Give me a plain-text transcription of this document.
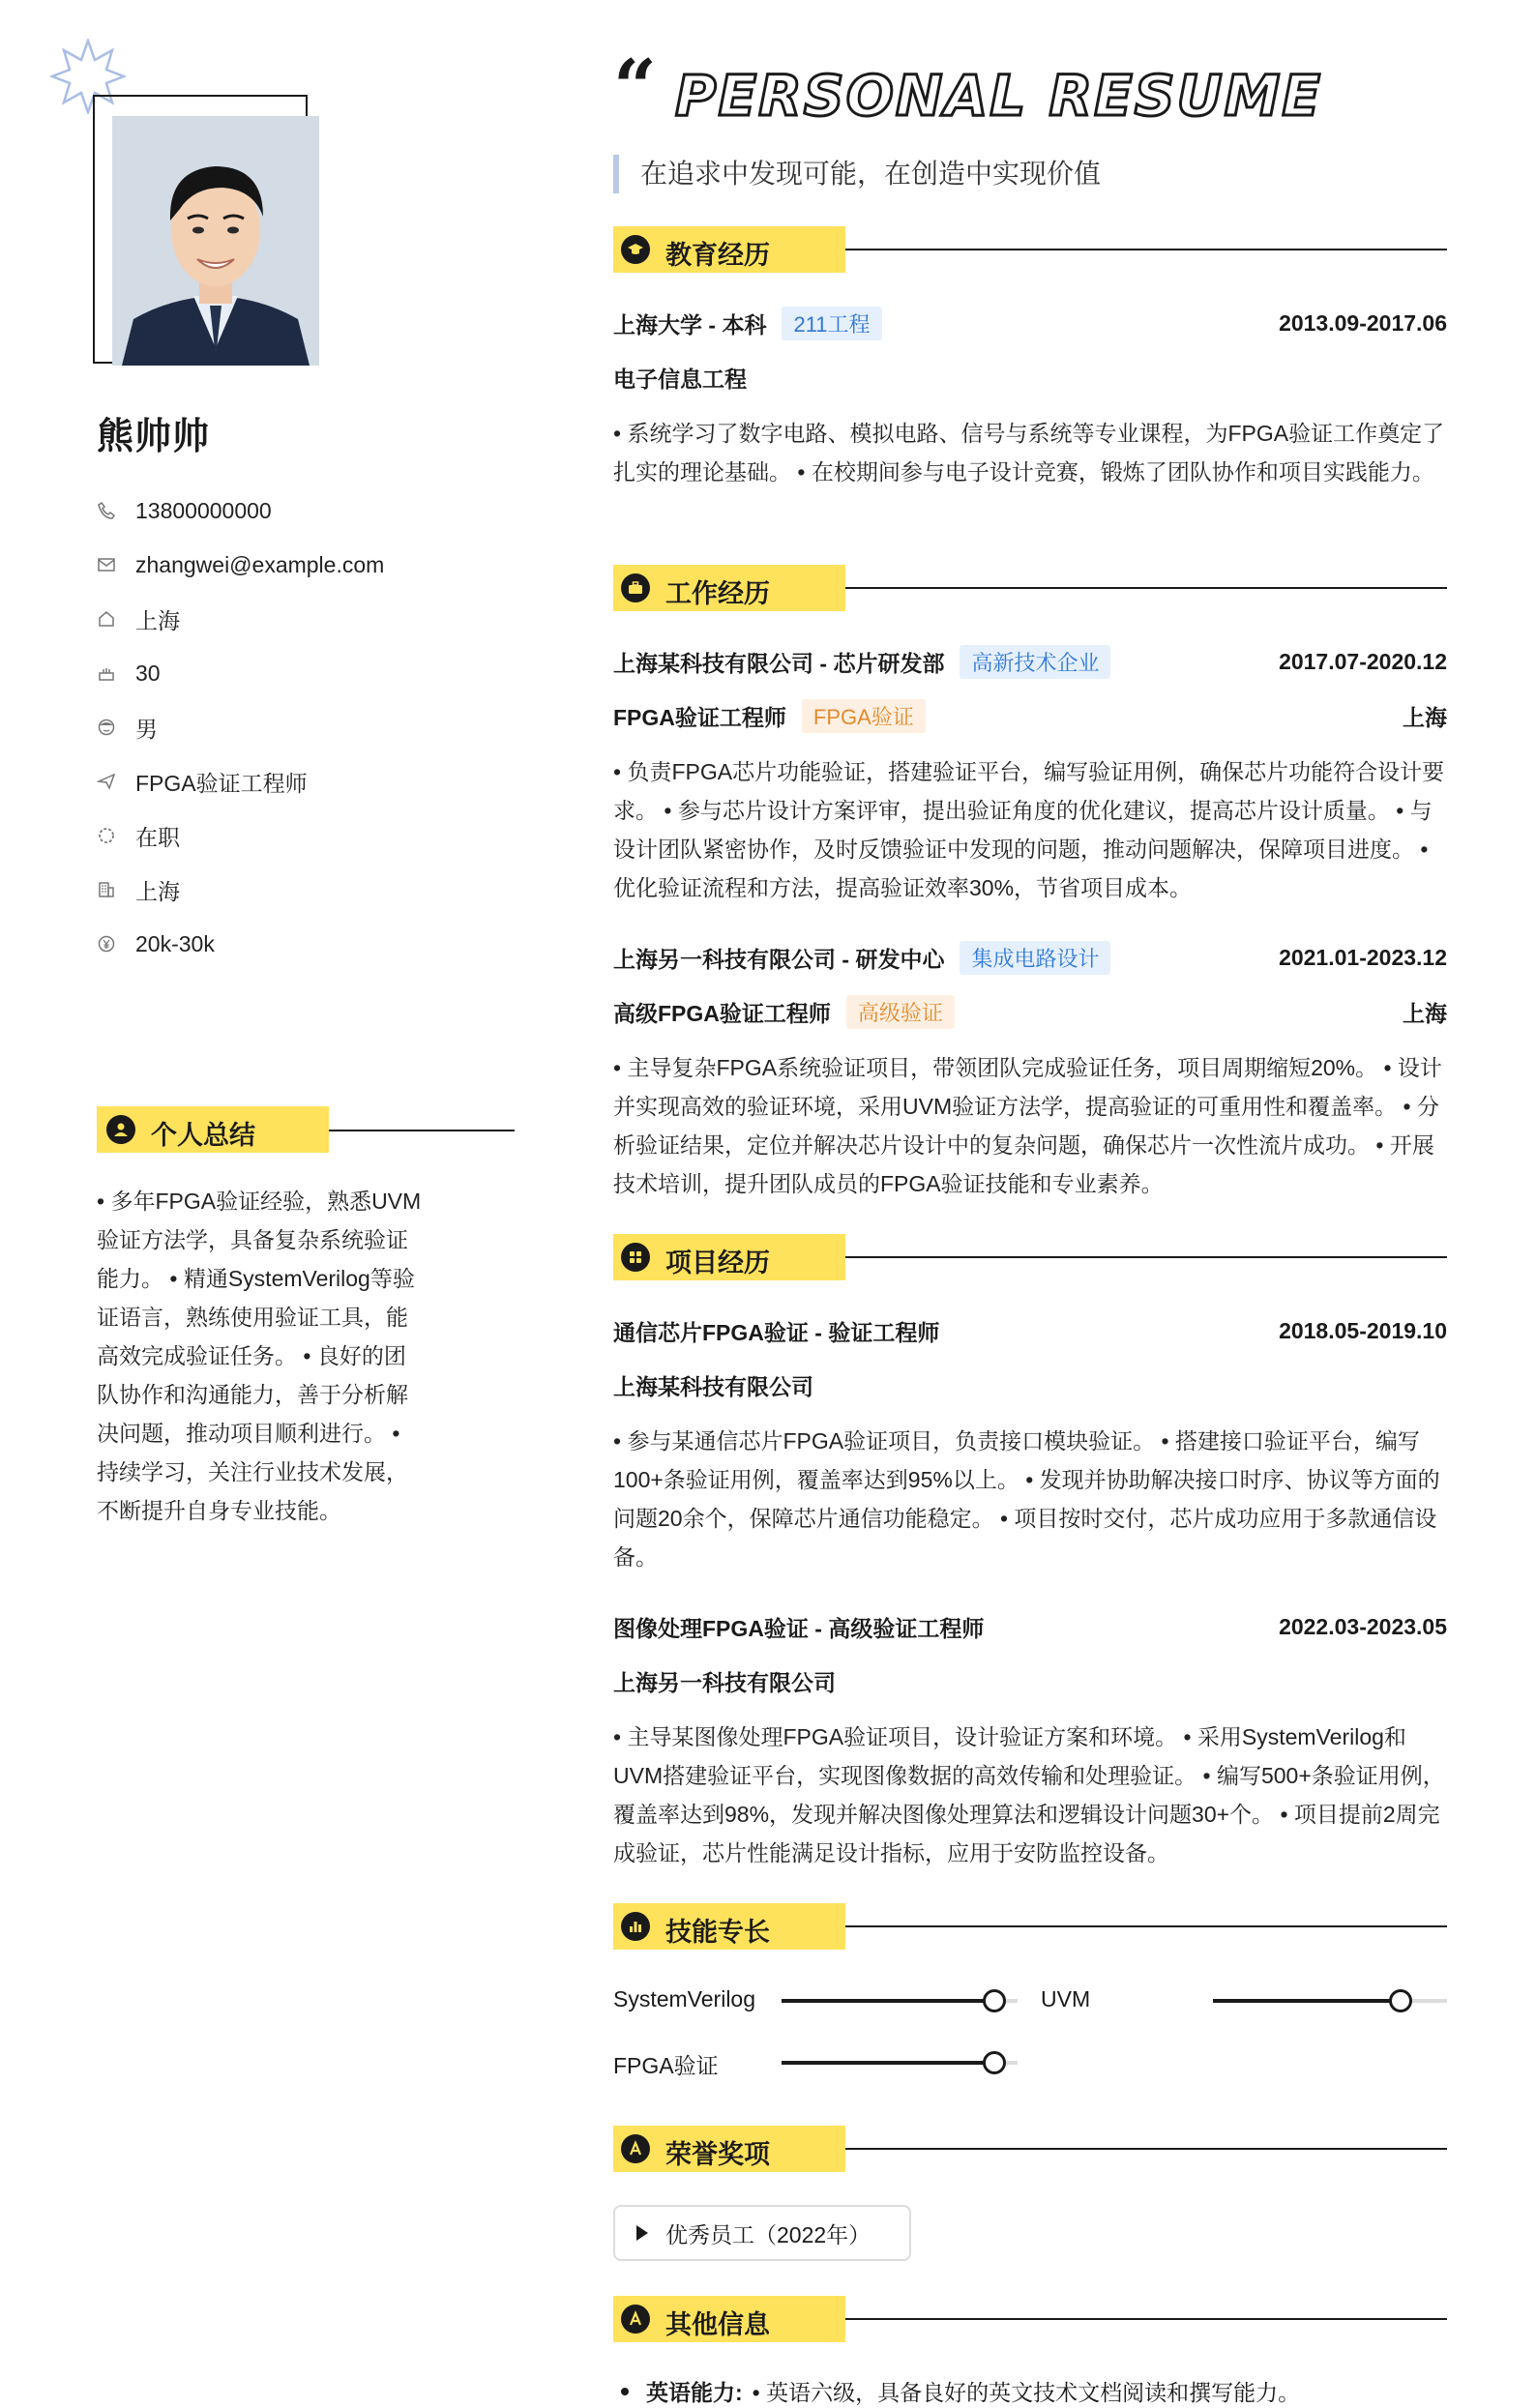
熊帅帅
13800000000
zhangwei@example.com
上海
30
男
FPGA验证工程师
在职
上海
20k-30k
个人总结
• 多年FPGA验证经验，熟悉UVM验证方法学，具备复杂系统验证能力。 • 精通SystemVerilog等验证语言，熟练使用验证工具，能高效完成验证任务。 • 良好的团队协作和沟通能力，善于分析解决问题，推动项目顺利进行。 • 持续学习，关注行业技术发展，不断提升自身专业技能。
“ PERSONAL RESUME
在追求中发现可能，在创造中实现价值
教育经历
上海大学 - 本科	211工程	2013.09-2017.06
电子信息工程
• 系统学习了数字电路、模拟电路、信号与系统等专业课程，为FPGA验证工作奠定了扎实的理论基础。 • 在校期间参与电子设计竞赛，锻炼了团队协作和项目实践能力。
工作经历
上海某科技有限公司 - 芯片研发部	高新技术企业	2017.07-2020.12
FPGA验证工程师	FPGA验证	上海
• 负责FPGA芯片功能验证，搭建验证平台，编写验证用例，确保芯片功能符合设计要求。 • 参与芯片设计方案评审，提出验证角度的优化建议，提高芯片设计质量。 • 与设计团队紧密协作，及时反馈验证中发现的问题，推动问题解决，保障项目进度。 • 优化验证流程和方法，提高验证效率30%，节省项目成本。
上海另一科技有限公司 - 研发中心	集成电路设计	2021.01-2023.12
高级FPGA验证工程师	高级验证	上海
• 主导复杂FPGA系统验证项目，带领团队完成验证任务，项目周期缩短20%。 • 设计并实现高效的验证环境，采用UVM验证方法学，提高验证的可重用性和覆盖率。 • 分析验证结果，定位并解决芯片设计中的复杂问题，确保芯片一次性流片成功。 • 开展技术培训，提升团队成员的FPGA验证技能和专业素养。
项目经历
通信芯片FPGA验证 - 验证工程师	2018.05-2019.10
上海某科技有限公司
• 参与某通信芯片FPGA验证项目，负责接口模块验证。 • 搭建接口验证平台，编写100+条验证用例，覆盖率达到95%以上。 • 发现并协助解决接口时序、协议等方面的问题20余个，保障芯片通信功能稳定。 • 项目按时交付，芯片成功应用于多款通信设备。
图像处理FPGA验证 - 高级验证工程师	2022.03-2023.05
上海另一科技有限公司
• 主导某图像处理FPGA验证项目，设计验证方案和环境。 • 采用SystemVerilog和UVM搭建验证平台，实现图像数据的高效传输和处理验证。 • 编写500+条验证用例，覆盖率达到98%，发现并解决图像处理算法和逻辑设计问题30+个。 • 项目提前2周完成验证，芯片性能满足设计指标，应用于安防监控设备。
技能专长
SystemVerilog	UVM
FPGA验证
荣誉奖项
优秀员工（2022年）
其他信息
英语能力: • 英语六级，具备良好的英文技术文档阅读和撰写能力。
